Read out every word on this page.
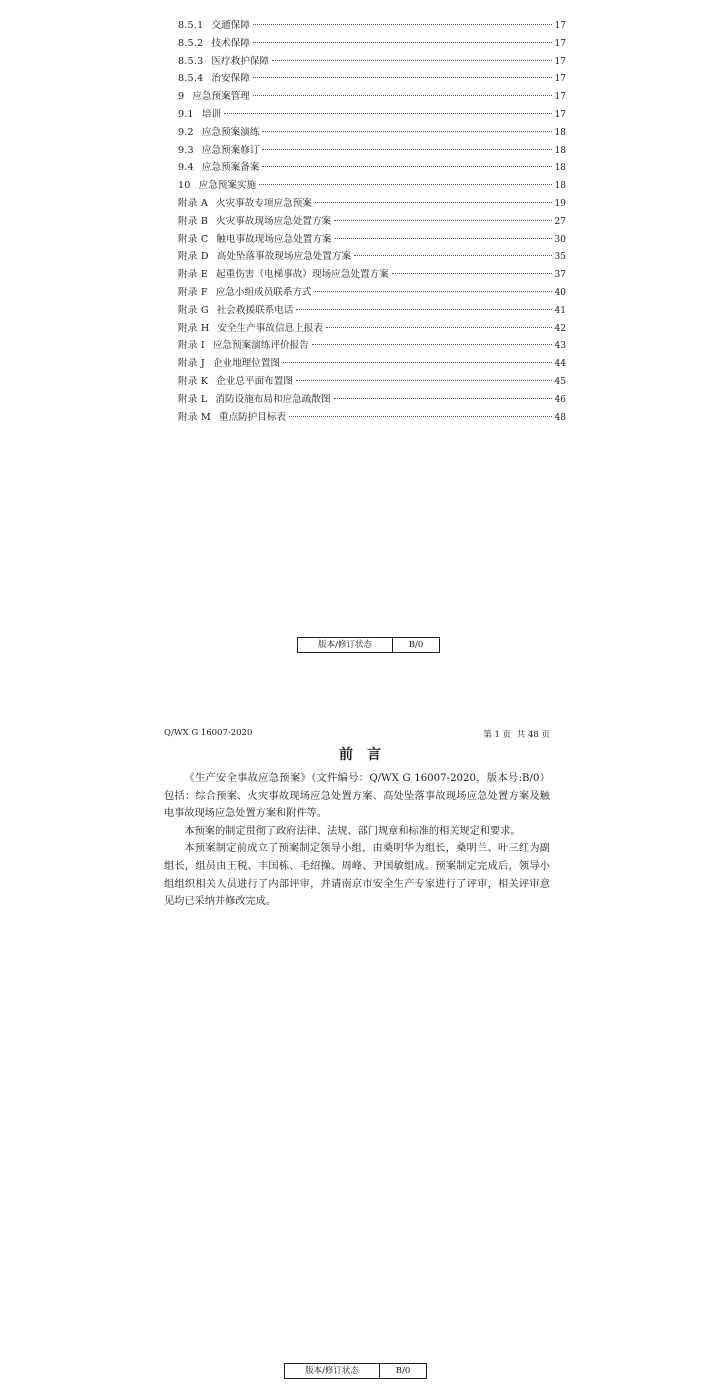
8.5.1 交通保障	17
8.5.2 技术保障	17
8.5.3 医疗救护保障	17
8.5.4 治安保障	17
9 应急预案管理	17
9.1 培训	17
9.2 应急预案演练	18
9.3 应急预案修订	18
9.4 应急预案备案	18
10 应急预案实施	18
附录 A 火灾事故专项应急预案	19
附录 B 火灾事故现场应急处置方案	27
附录 C 触电事故现场应急处置方案	30
附录 D 高处坠落事故现场应急处置方案	35
附录 E 起重伤害（电梯事故）现场应急处置方案	37
附录 F 应急小组成员联系方式	40
附录 G 社会救援联系电话	41
附录 H 安全生产事故信息上报表	42
附录 I 应急预案演练评价报告	43
附录 J 企业地理位置图	44
附录 K 企业总平面布置图	45
附录 L 消防设施布局和应急疏散图	46
附录 M 重点防护目标表	48
版本/修订状态	B/0
Q/WX G 16007-2020	第 1 页 共 48 页
前言

《生产安全事故应急预案》（文件编号：Q/WX G 16007-2020，版本号:B/0）包括：综合预案、火灾事故现场应急处置方案、高处坠落事故现场应急处置方案及触电事故现场应急处置方案和附件等。

本预案的制定贯彻了政府法律、法规、部门规章和标准的相关规定和要求。

本预案制定前成立了预案制定领导小组，由桑明华为组长，桑明兰、叶三红为副组长，组员由王税、丰国栋、毛绍操、周峰、尹国敏组成。预案制定完成后，领导小组组织相关人员进行了内部评审，并请南京市安全生产专家进行了评审，相关评审意见均已采纳并修改完成。

版本/修订状态	B/0
